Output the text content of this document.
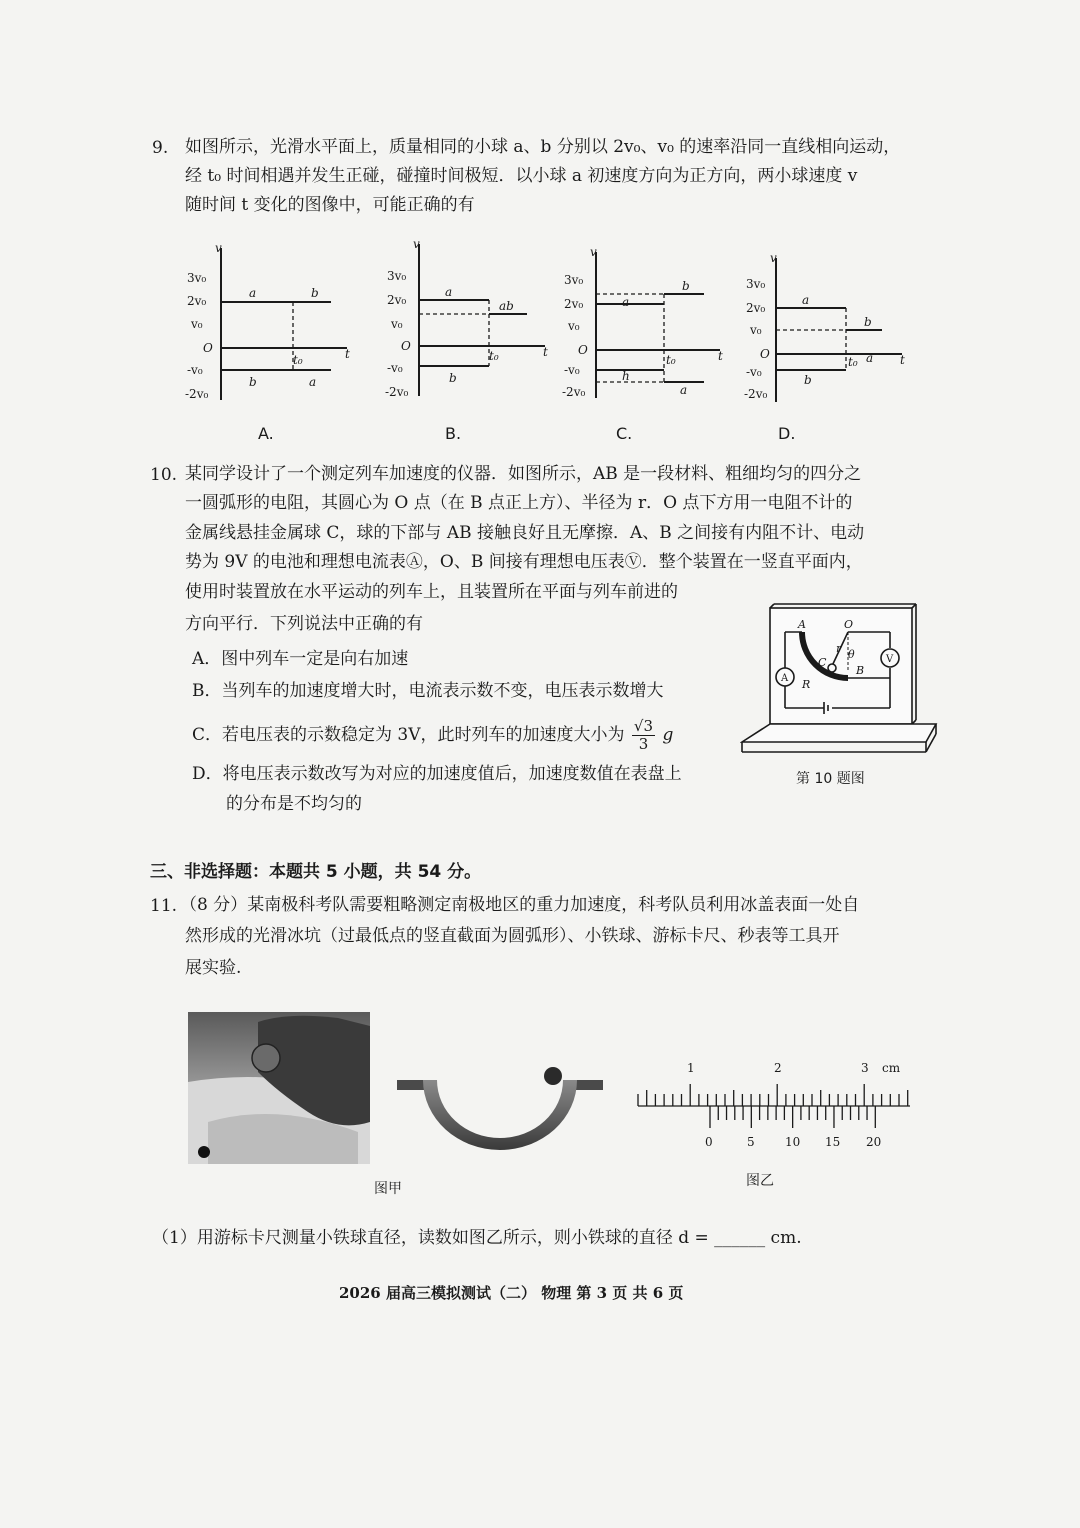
9. 如图所示，光滑水平面上，质量相同的小球 a、b 分别以 2v₀、v₀ 的速率沿同一直线相向运动，
经 t₀ 时间相遇并发生正碰，碰撞时间极短．以小球 a 初速度方向为正方向，两小球速度 v
随时间 t 变化的图像中，可能正确的有
v
3v₀
2v₀
v₀
O
-v₀
-2v₀
t
t₀
a	b
b	a
A.
v
3v₀
2v₀
v₀
O
-v₀
-2v₀
t
t₀
a
ab
b
B.
v
3v₀
2v₀
v₀
O
-v₀
-2v₀
t
t₀
a
b
h
a
C.
v
3v₀
2v₀
v₀
O
-v₀
-2v₀
t
t₀
a
b
b
a
D.
10. 某同学设计了一个测定列车加速度的仪器．如图所示，AB 是一段材料、粗细均匀的四分之
一圆弧形的电阻，其圆心为 O 点（在 B 点正上方）、半径为 r．O 点下方用一电阻不计的
金属线悬挂金属球 C，球的下部与 AB 接触良好且无摩擦．A、B 之间接有内阻不计、电动
势为 9V 的电池和理想电流表Ⓐ，O、B 间接有理想电压表Ⓥ．整个装置在一竖直平面内，
使用时装置放在水平运动的列车上，且装置所在平面与列车前进的
方向平行．下列说法中正确的有
A．图中列车一定是向右加速
B．当列车的加速度增大时，电流表示数不变，电压表示数增大
C．若电压表的示数稳定为 3V，此时列车的加速度大小为 $\frac{√3}{3}$ g
D．将电压表示数改写为对应的加速度值后，加速度数值在表盘上
的分布是不均匀的
A	O
C
r θ
B
R
V
A
第 10 题图
三、非选择题：本题共 5 小题，共 54 分。
11. （8 分）某南极科考队需要粗略测定南极地区的重力加速度，科考队员利用冰盖表面一处自
然形成的光滑冰坑（过最低点的竖直截面为圆弧形）、小铁球、游标卡尺、秒表等工具开
展实验.
图甲
1	2	3 cm
0	5	10 15 20
图乙
（1）用游标卡尺测量小铁球直径，读数如图乙所示，则小铁球的直径 d = ______ cm.
2026 届高三模拟测试（二） 物理 第 3 页 共 6 页
